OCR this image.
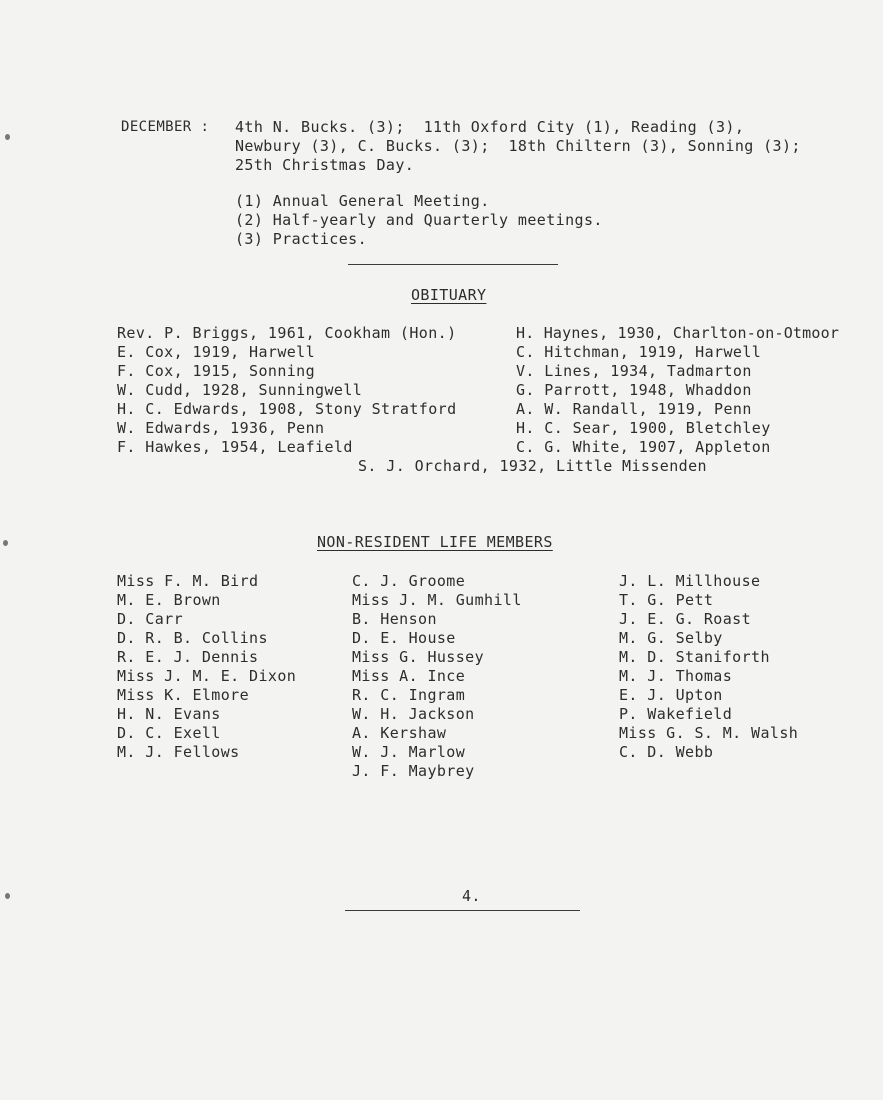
DECEMBER : 4th N. Bucks. (3);  11th Oxford City (1), Reading (3),
Newbury (3), C. Bucks. (3);  18th Chiltern (3), Sonning (3);
25th Christmas Day.
(1) Annual General Meeting.
(2) Half-yearly and Quarterly meetings.
(3) Practices.
OBITUARY
Rev. P. Briggs, 1961, Cookham (Hon.)
E. Cox, 1919, Harwell
F. Cox, 1915, Sonning
W. Cudd, 1928, Sunningwell
H. C. Edwards, 1908, Stony Stratford
W. Edwards, 1936, Penn
F. Hawkes, 1954, Leafield
H. Haynes, 1930, Charlton-on-Otmoor
C. Hitchman, 1919, Harwell
V. Lines, 1934, Tadmarton
G. Parrott, 1948, Whaddon
A. W. Randall, 1919, Penn
H. C. Sear, 1900, Bletchley
C. G. White, 1907, Appleton
S. J. Orchard, 1932, Little Missenden
NON-RESIDENT LIFE MEMBERS
Miss F. M. Bird
M. E. Brown
D. Carr
D. R. B. Collins
R. E. J. Dennis
Miss J. M. E. Dixon
Miss K. Elmore
H. N. Evans
D. C. Exell
M. J. Fellows
C. J. Groome
Miss J. M. Gumhill
B. Henson
D. E. House
Miss G. Hussey
Miss A. Ince
R. C. Ingram
W. H. Jackson
A. Kershaw
W. J. Marlow
J. F. Maybrey
J. L. Millhouse
T. G. Pett
J. E. G. Roast
M. G. Selby
M. D. Staniforth
M. J. Thomas
E. J. Upton
P. Wakefield
Miss G. S. M. Walsh
C. D. Webb
4.
